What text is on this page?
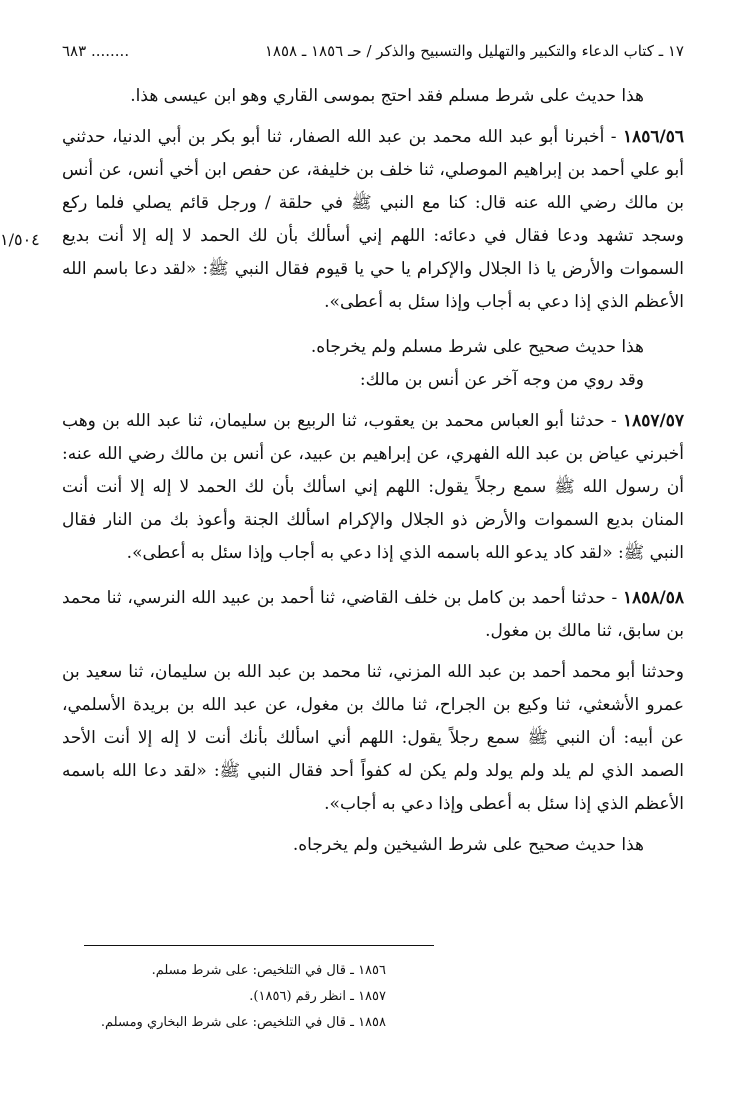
١٧ ـ كتاب الدعاء والتكبير والتهليل والتسبيح والذكر / حـ ١٨٥٦ ـ ١٨٥٨
........ ٦٨٣
١/٥٠٤

هذا حديث على شرط مسلم فقد احتج بموسى القاري وهو ابن عيسى هذا.

١٨٥٦/٥٦ - أخبرنا أبو عبد الله محمد بن عبد الله الصفار، ثنا أبو بكر بن أبي الدنيا، حدثني أبو علي أحمد بن إبراهيم الموصلي، ثنا خلف بن خليفة، عن حفص ابن أخي أنس، عن أنس بن مالك رضي الله عنه قال: كنا مع النبي ﷺ في حلقة / ورجل قائم يصلي فلما ركع وسجد تشهد ودعا فقال في دعائه: اللهم إني أسألك بأن لك الحمد لا إله إلا أنت بديع السموات والأرض يا ذا الجلال والإكرام يا حي يا قيوم فقال النبي ﷺ: «لقد دعا باسم الله الأعظم الذي إذا دعي به أجاب وإذا سئل به أعطى».

هذا حديث صحيح على شرط مسلم ولم يخرجاه.

وقد روي من وجه آخر عن أنس بن مالك:

١٨٥٧/٥٧ - حدثنا أبو العباس محمد بن يعقوب، ثنا الربيع بن سليمان، ثنا عبد الله بن وهب أخبرني عياض بن عبد الله الفهري، عن إبراهيم بن عبيد، عن أنس بن مالك رضي الله عنه: أن رسول الله ﷺ سمع رجلاً يقول: اللهم إني اسألك بأن لك الحمد لا إله إلا أنت أنت المنان بديع السموات والأرض ذو الجلال والإكرام اسألك الجنة وأعوذ بك من النار فقال النبي ﷺ: «لقد كاد يدعو الله باسمه الذي إذا دعي به أجاب وإذا سئل به أعطى».

١٨٥٨/٥٨ - حدثنا أحمد بن كامل بن خلف القاضي، ثنا أحمد بن عبيد الله النرسي، ثنا محمد بن سابق، ثنا مالك بن مغول.

وحدثنا أبو محمد أحمد بن عبد الله المزني، ثنا محمد بن عبد الله بن سليمان، ثنا سعيد بن عمرو الأشعثي، ثنا وكيع بن الجراح، ثنا مالك بن مغول، عن عبد الله بن بريدة الأسلمي، عن أبيه: أن النبي ﷺ سمع رجلاً يقول: اللهم أني اسألك بأنك أنت لا إله إلا أنت الأحد الصمد الذي لم يلد ولم يولد ولم يكن له كفواً أحد فقال النبي ﷺ: «لقد دعا الله باسمه الأعظم الذي إذا سئل به أعطى وإذا دعي به أجاب».

هذا حديث صحيح على شرط الشيخين ولم يخرجاه.

١٨٥٦ ـ قال في التلخيص: على شرط مسلم.

١٨٥٧ ـ انظر رقم (١٨٥٦).

١٨٥٨ ـ قال في التلخيص: على شرط البخاري ومسلم.
